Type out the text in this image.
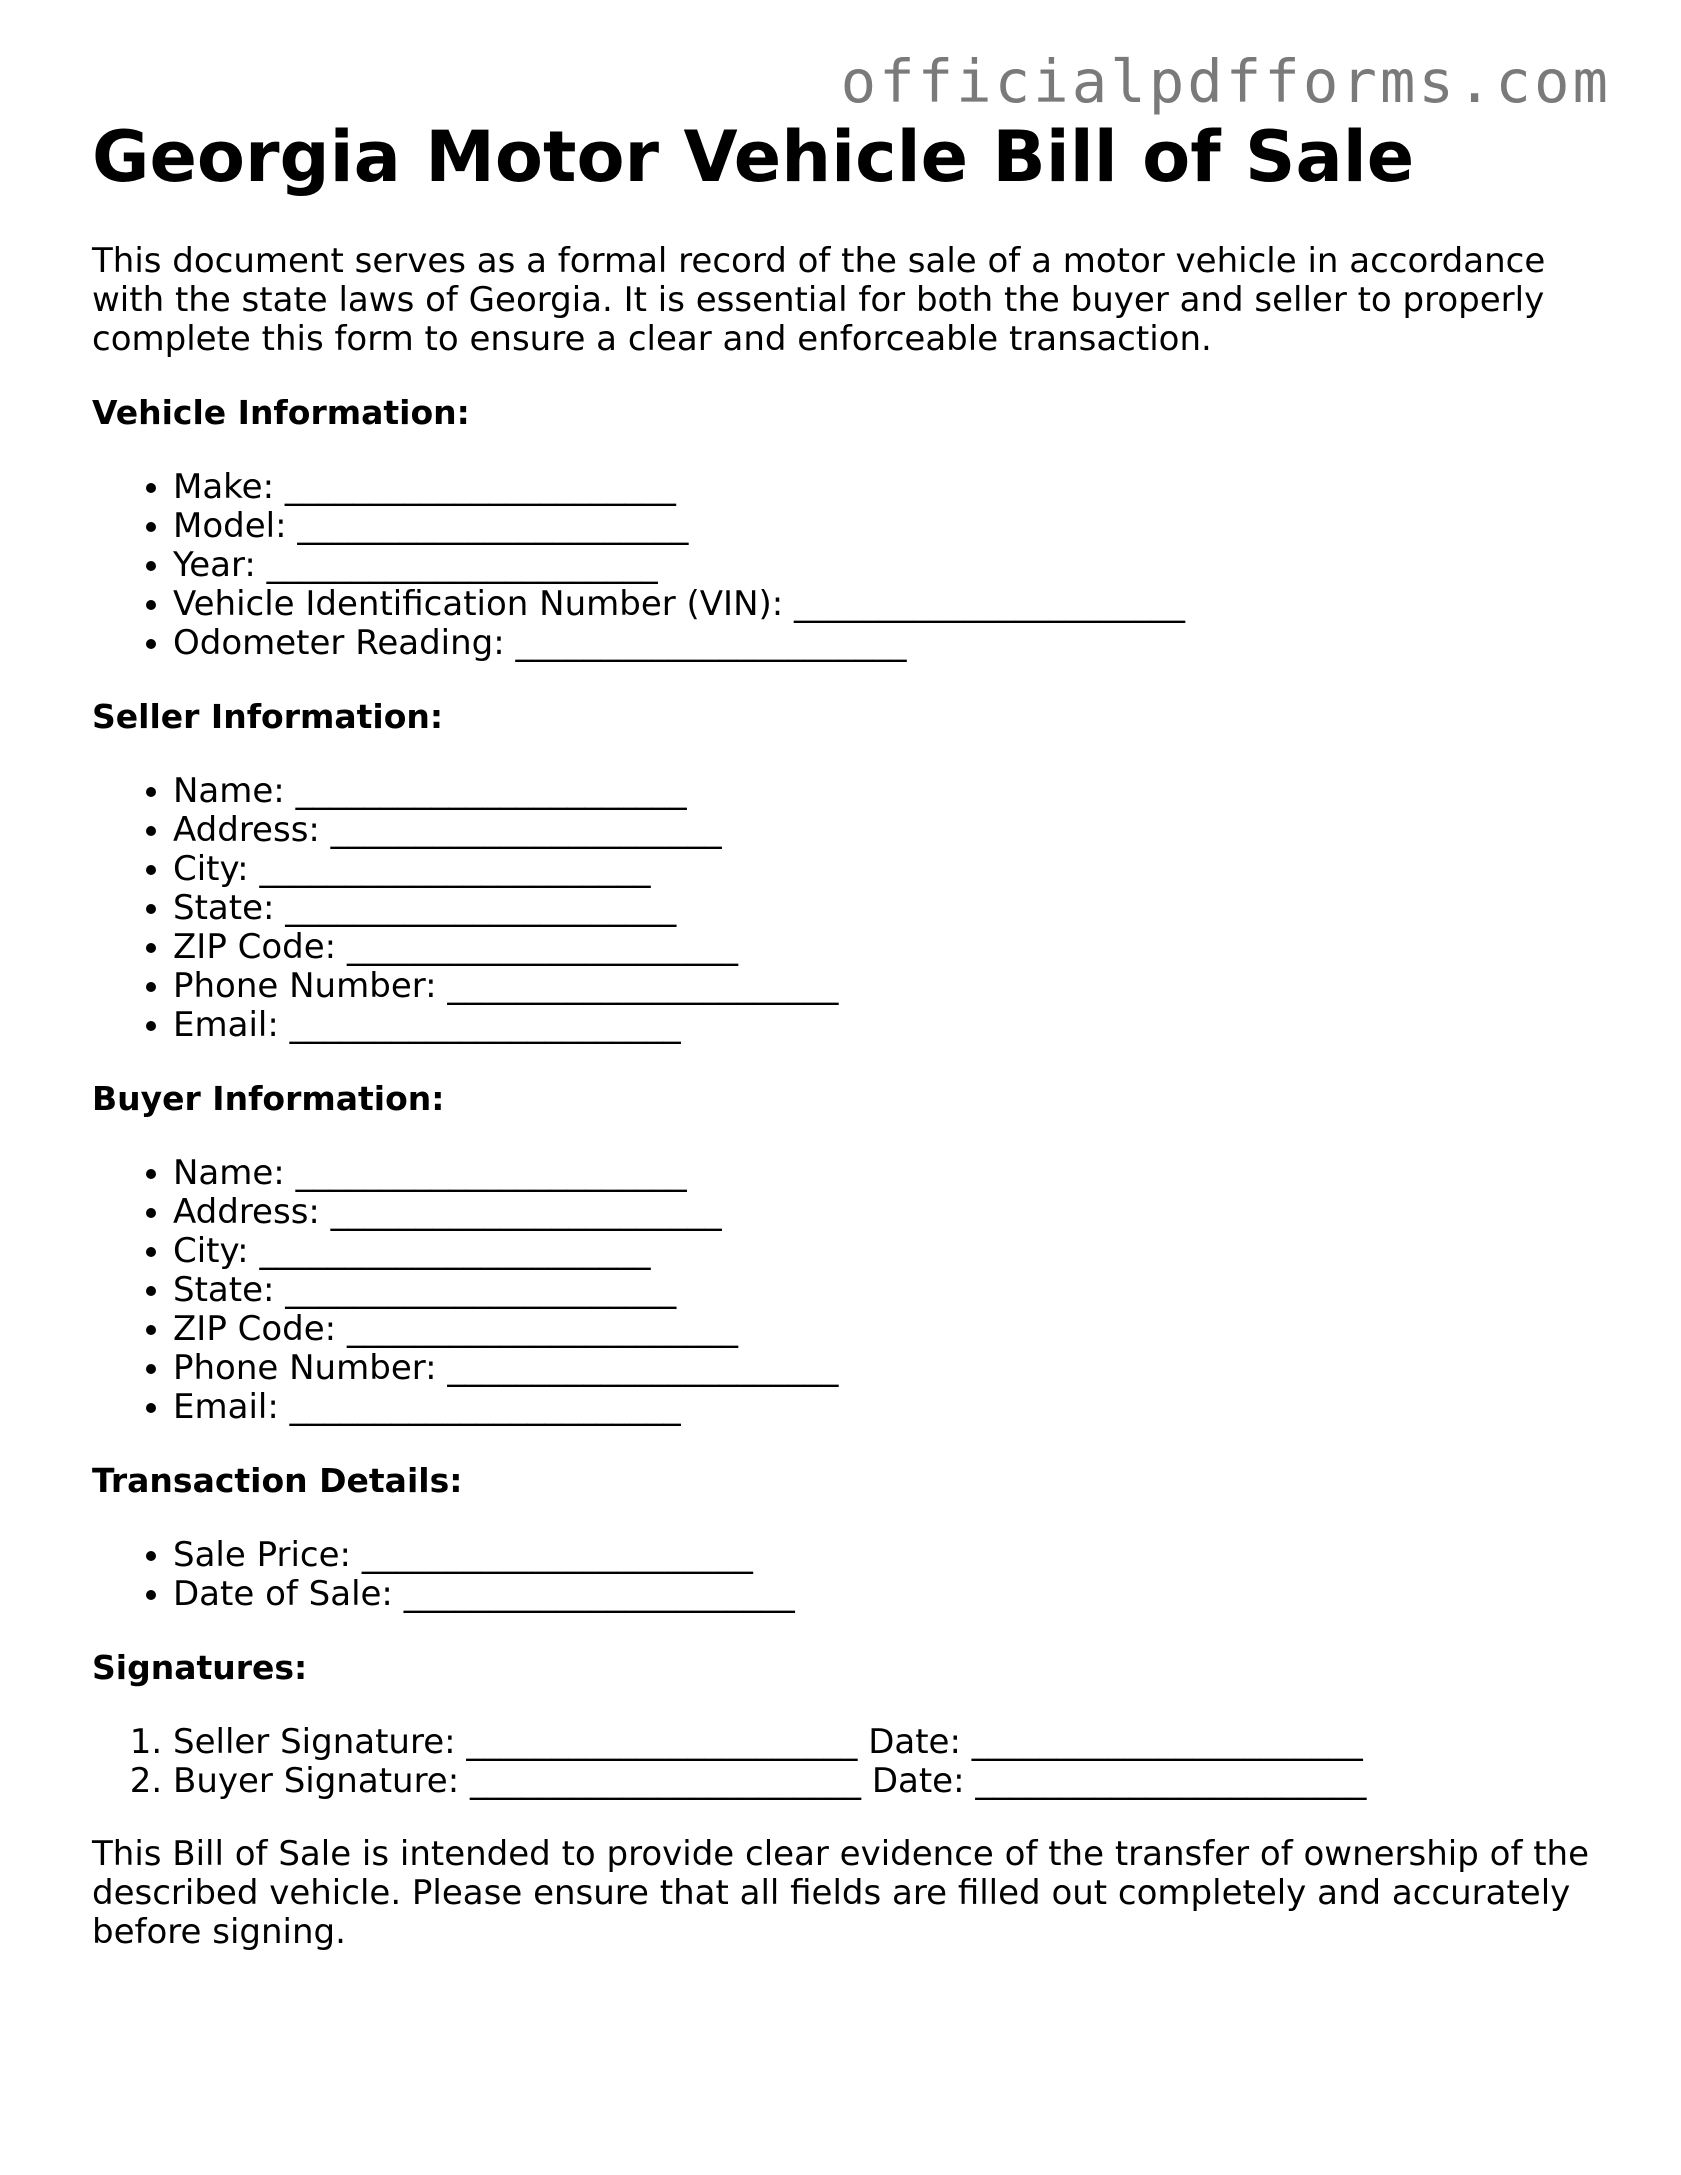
officialpdfforms.com
Georgia Motor Vehicle Bill of Sale

This document serves as a formal record of the sale of a motor vehicle in accordance with the state laws of Georgia. It is essential for both the buyer and seller to properly complete this form to ensure a clear and enforceable transaction.

Vehicle Information:
• Make: _______________________
• Model: _______________________
• Year: _______________________
• Vehicle Identification Number (VIN): _______________________
• Odometer Reading: _______________________
Seller Information:
• Name: _______________________
• Address: _______________________
• City: _______________________
• State: _______________________
• ZIP Code: _______________________
• Phone Number: _______________________
• Email: _______________________
Buyer Information:
• Name: _______________________
• Address: _______________________
• City: _______________________
• State: _______________________
• ZIP Code: _______________________
• Phone Number: _______________________
• Email: _______________________
Transaction Details:
• Sale Price: _______________________
• Date of Sale: _______________________
Signatures:
1. Seller Signature: _______________________ Date: _______________________
2. Buyer Signature: _______________________ Date: _______________________

This Bill of Sale is intended to provide clear evidence of the transfer of ownership of the described vehicle. Please ensure that all fields are filled out completely and accurately before signing.
